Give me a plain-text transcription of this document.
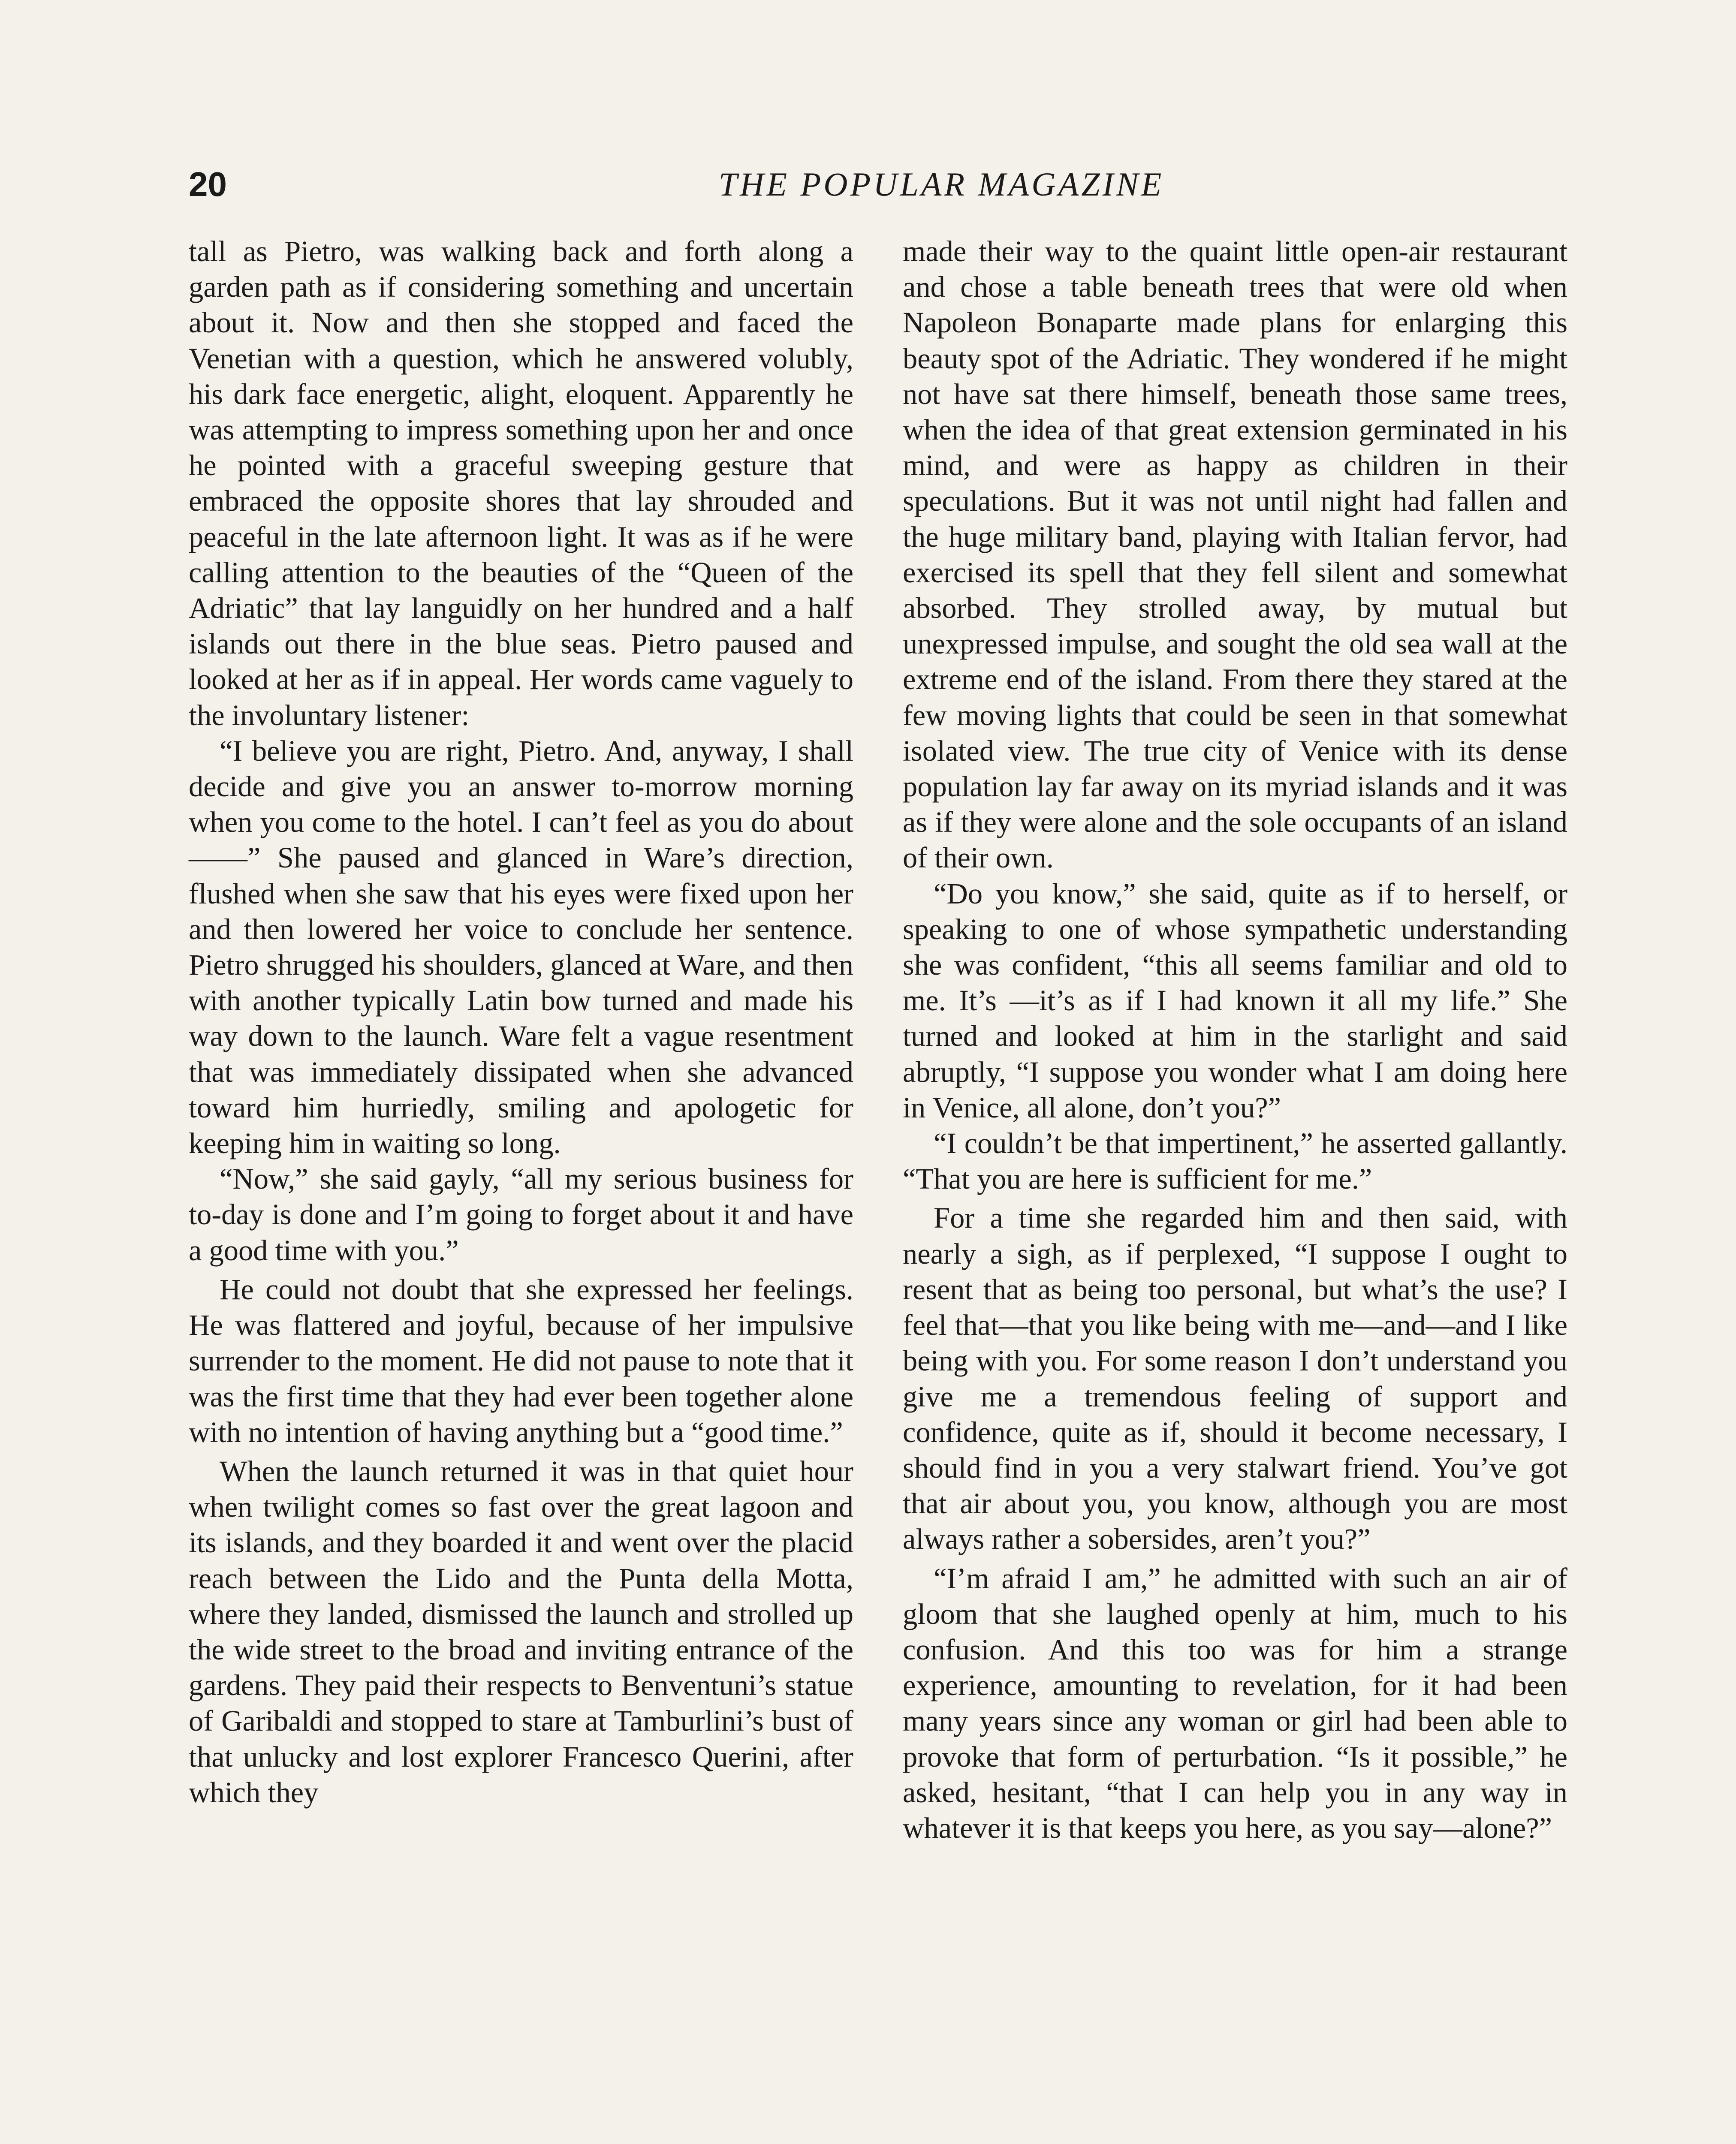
20	THE POPULAR MAGAZINE

tall as Pietro, was walking back and forth along a garden path as if considering something and uncertain about it. Now and then she stopped and faced the Venetian with a question, which he answered volubly, his dark face energetic, alight, eloquent. Apparently he was attempting to impress something upon her and once he pointed with a graceful sweeping gesture that embraced the opposite shores that lay shrouded and peaceful in the late afternoon light. It was as if he were calling attention to the beauties of the “Queen of the Adriatic” that lay languidly on her hundred and a half islands out there in the blue seas. Pietro paused and looked at her as if in appeal. Her words came vaguely to the involuntary listener:

“I believe you are right, Pietro. And, anyway, I shall decide and give you an answer to-morrow morning when you come to the hotel. I can’t feel as you do about——” She paused and glanced in Ware’s direction, flushed when she saw that his eyes were fixed upon her and then lowered her voice to conclude her sentence. Pietro shrugged his shoulders, glanced at Ware, and then with another typically Latin bow turned and made his way down to the launch. Ware felt a vague resentment that was immediately dissipated when she advanced toward him hurriedly, smiling and apologetic for keeping him in waiting so long.

“Now,” she said gayly, “all my serious business for to-day is done and I’m going to forget about it and have a good time with you.”

He could not doubt that she expressed her feelings. He was flattered and joyful, because of her impulsive surrender to the moment. He did not pause to note that it was the first time that they had ever been together alone with no intention of having anything but a “good time.”

When the launch returned it was in that quiet hour when twilight comes so fast over the great lagoon and its islands, and they boarded it and went over the placid reach between the Lido and the Punta della Motta, where they landed, dismissed the launch and strolled up the wide street to the broad and inviting entrance of the gardens. They paid their respects to Benventuni’s statue of Garibaldi and stopped to stare at Tamburlini’s bust of that unlucky and lost explorer Francesco Querini, after which they

made their way to the quaint little open-air restaurant and chose a table beneath trees that were old when Napoleon Bonaparte made plans for enlarging this beauty spot of the Adriatic. They wondered if he might not have sat there himself, beneath those same trees, when the idea of that great extension germinated in his mind, and were as happy as children in their speculations. But it was not until night had fallen and the huge military band, playing with Italian fervor, had exercised its spell that they fell silent and somewhat absorbed. They strolled away, by mutual but unexpressed impulse, and sought the old sea wall at the extreme end of the island. From there they stared at the few moving lights that could be seen in that somewhat isolated view. The true city of Venice with its dense population lay far away on its myriad islands and it was as if they were alone and the sole occupants of an island of their own.

“Do you know,” she said, quite as if to herself, or speaking to one of whose sympathetic understanding she was confident, “this all seems familiar and old to me. It’s —it’s as if I had known it all my life.” She turned and looked at him in the starlight and said abruptly, “I suppose you wonder what I am doing here in Venice, all alone, don’t you?”

“I couldn’t be that impertinent,” he asserted gallantly. “That you are here is sufficient for me.”

For a time she regarded him and then said, with nearly a sigh, as if perplexed, “I suppose I ought to resent that as being too personal, but what’s the use? I feel that—that you like being with me—and—and I like being with you. For some reason I don’t understand you give me a tremendous feeling of support and confidence, quite as if, should it become necessary, I should find in you a very stalwart friend. You’ve got that air about you, you know, although you are most always rather a sobersides, aren’t you?”

“I’m afraid I am,” he admitted with such an air of gloom that she laughed openly at him, much to his confusion. And this too was for him a strange experience, amounting to revelation, for it had been many years since any woman or girl had been able to provoke that form of perturbation. “Is it possible,” he asked, hesitant, “that I can help you in any way in whatever it is that keeps you here, as you say—alone?”
